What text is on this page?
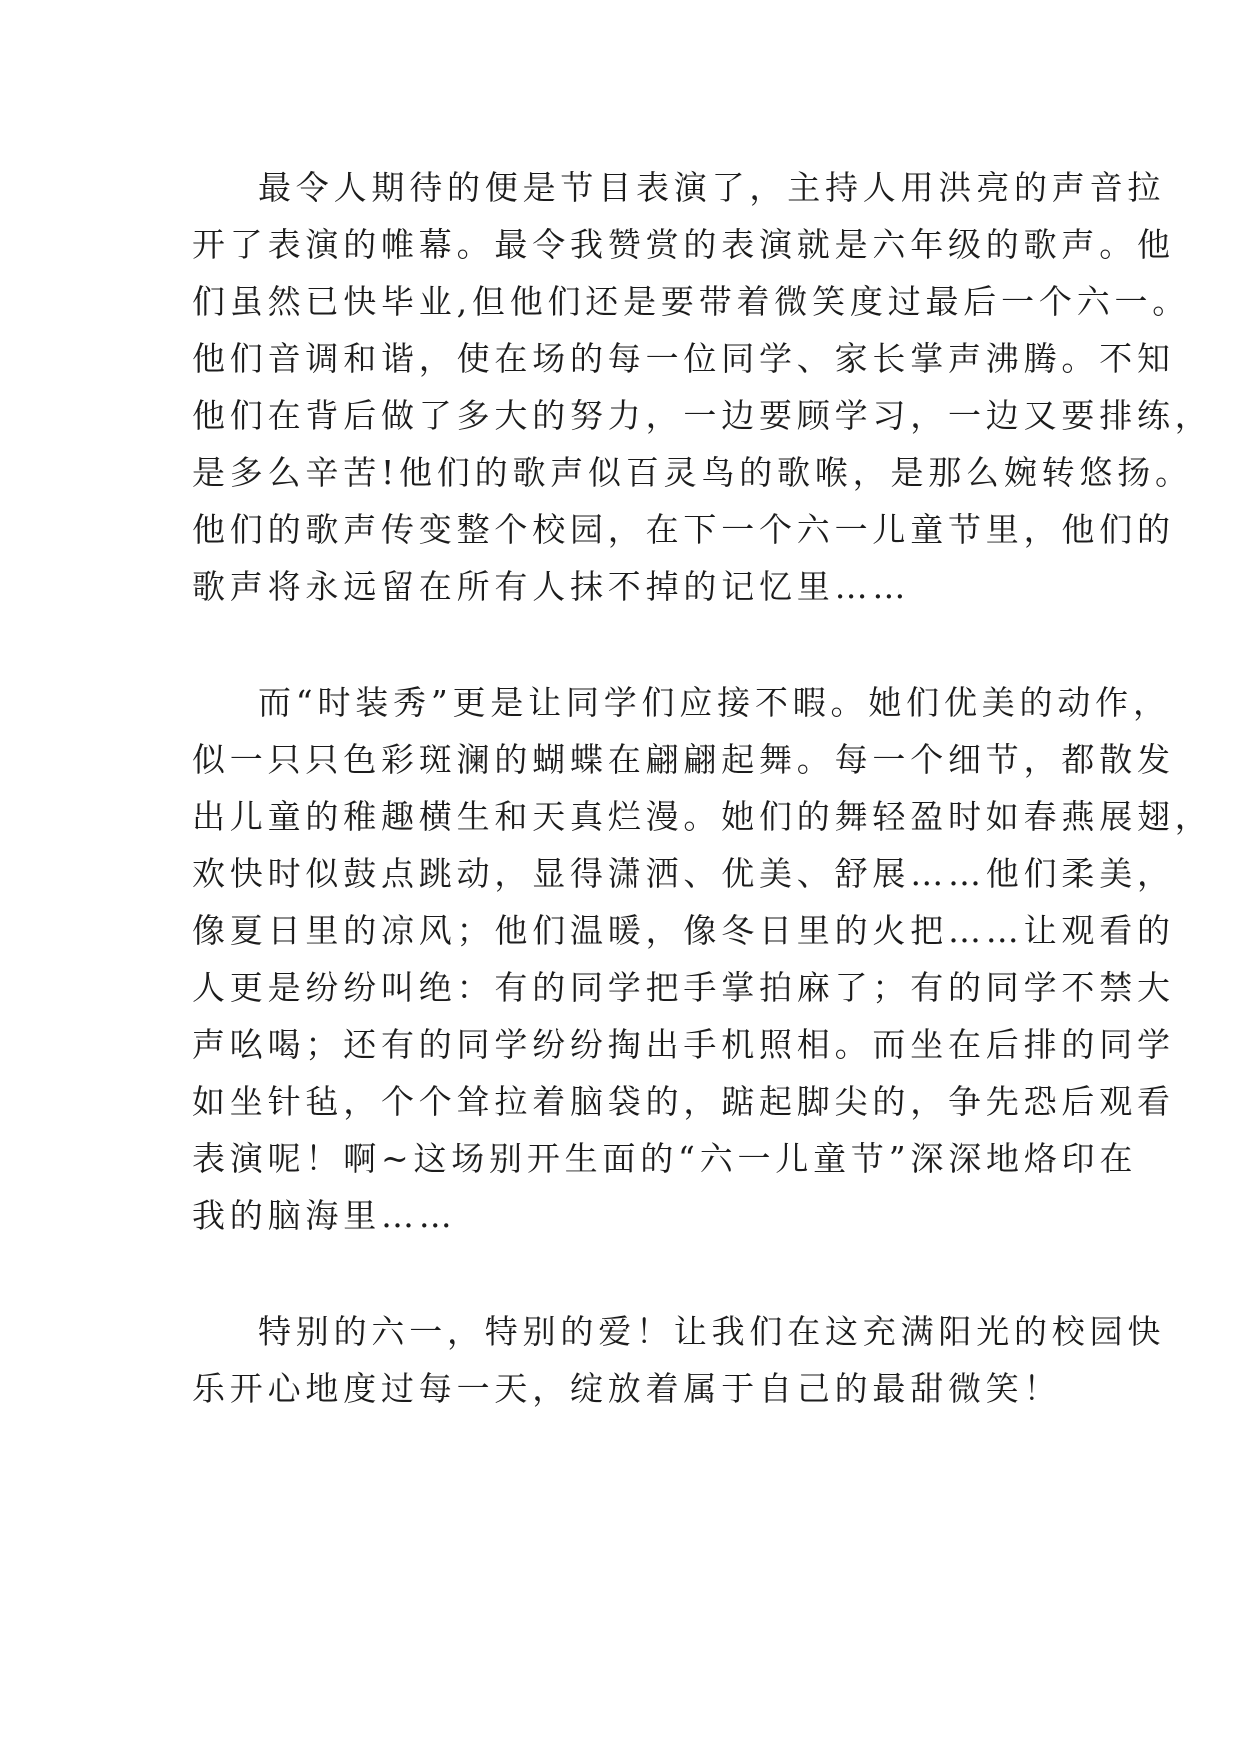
最令人期待的便是节目表演了，主持人用洪亮的声音拉
开了表演的帷幕。最令我赞赏的表演就是六年级的歌声。他
们虽然已快毕业,但他们还是要带着微笑度过最后一个六一。
他们音调和谐，使在场的每一位同学、家长掌声沸腾。不知
他们在背后做了多大的努力，一边要顾学习，一边又要排练，
是多么辛苦!他们的歌声似百灵鸟的歌喉，是那么婉转悠扬。
他们的歌声传变整个校园，在下一个六一儿童节里，他们的
歌声将永远留在所有人抹不掉的记忆里……
而“时装秀”更是让同学们应接不暇。她们优美的动作，
似一只只色彩斑澜的蝴蝶在翩翩起舞。每一个细节，都散发
出儿童的稚趣横生和天真烂漫。她们的舞轻盈时如春燕展翅，
欢快时似鼓点跳动，显得潇洒、优美、舒展……他们柔美，
像夏日里的凉风；他们温暖，像冬日里的火把……让观看的
人更是纷纷叫绝：有的同学把手掌拍麻了；有的同学不禁大
声吆喝；还有的同学纷纷掏出手机照相。而坐在后排的同学
如坐针毡，个个耸拉着脑袋的，踮起脚尖的，争先恐后观看
表演呢！啊~这场别开生面的“六一儿童节”深深地烙印在
我的脑海里……
特别的六一，特别的爱！让我们在这充满阳光的校园快
乐开心地度过每一天，绽放着属于自己的最甜微笑！
